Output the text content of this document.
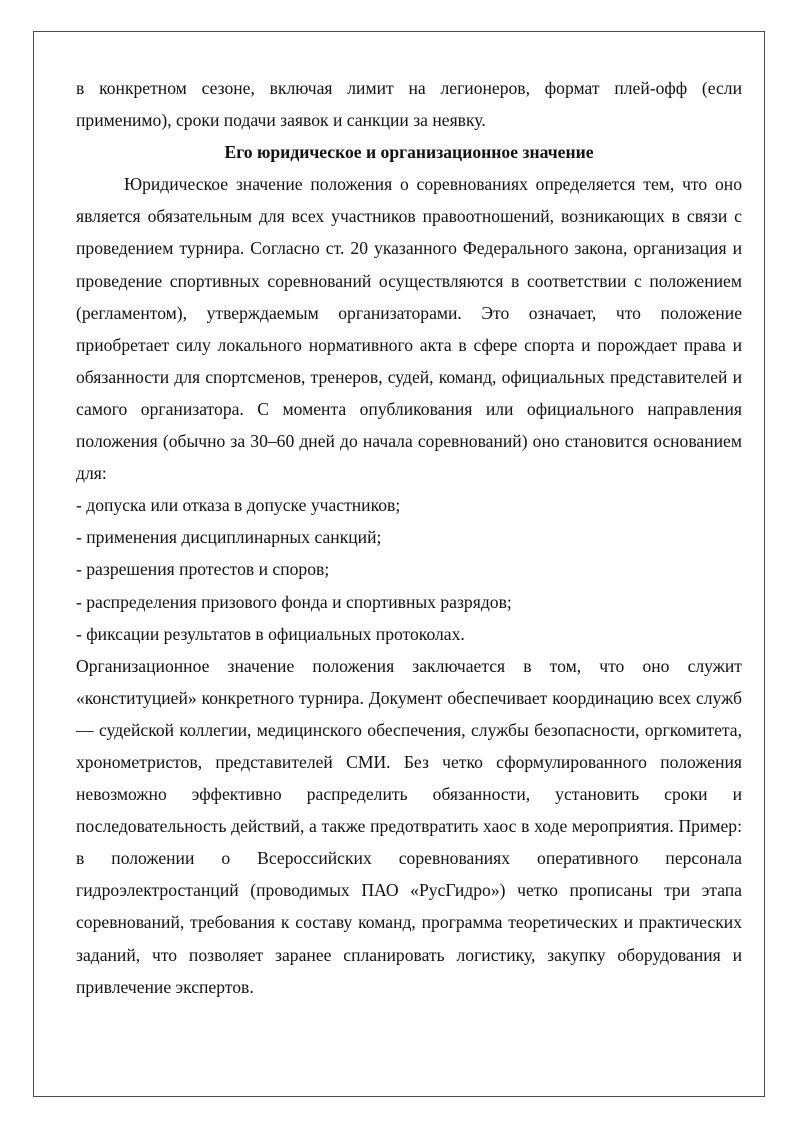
в конкретном сезоне, включая лимит на легионеров, формат плей-офф (если применимо), сроки подачи заявок и санкции за неявку.

Его юридическое и организационное значение

Юридическое значение положения о соревнованиях определяется тем, что оно является обязательным для всех участников правоотношений, возникающих в связи с проведением турнира. Согласно ст. 20 указанного Федерального закона, организация и проведение спортивных соревнований осуществляются в соответствии с положением (регламентом), утверждаемым организаторами. Это означает, что положение приобретает силу локального нормативного акта в сфере спорта и порождает права и обязанности для спортсменов, тренеров, судей, команд, официальных представителей и самого организатора. С момента опубликования или официального направления положения (обычно за 30–60 дней до начала соревнований) оно становится основанием для:

- допуска или отказа в допуске участников;

- применения дисциплинарных санкций;

- разрешения протестов и споров;

- распределения призового фонда и спортивных разрядов;

- фиксации результатов в официальных протоколах.

Организационное значение положения заключается в том, что оно служит «конституцией» конкретного турнира. Документ обеспечивает координацию всех служб — судейской коллегии, медицинского обеспечения, службы безопасности, оргкомитета, хронометристов, представителей СМИ. Без четко сформулированного положения невозможно эффективно распределить обязанности, установить сроки и последовательность действий, а также предотвратить хаос в ходе мероприятия. Пример: в положении о Всероссийских соревнованиях оперативного персонала гидроэлектростанций (проводимых ПАО «РусГидро») четко прописаны три этапа соревнований, требования к составу команд, программа теоретических и практических заданий, что позволяет заранее спланировать логистику, закупку оборудования и привлечение экспертов.
